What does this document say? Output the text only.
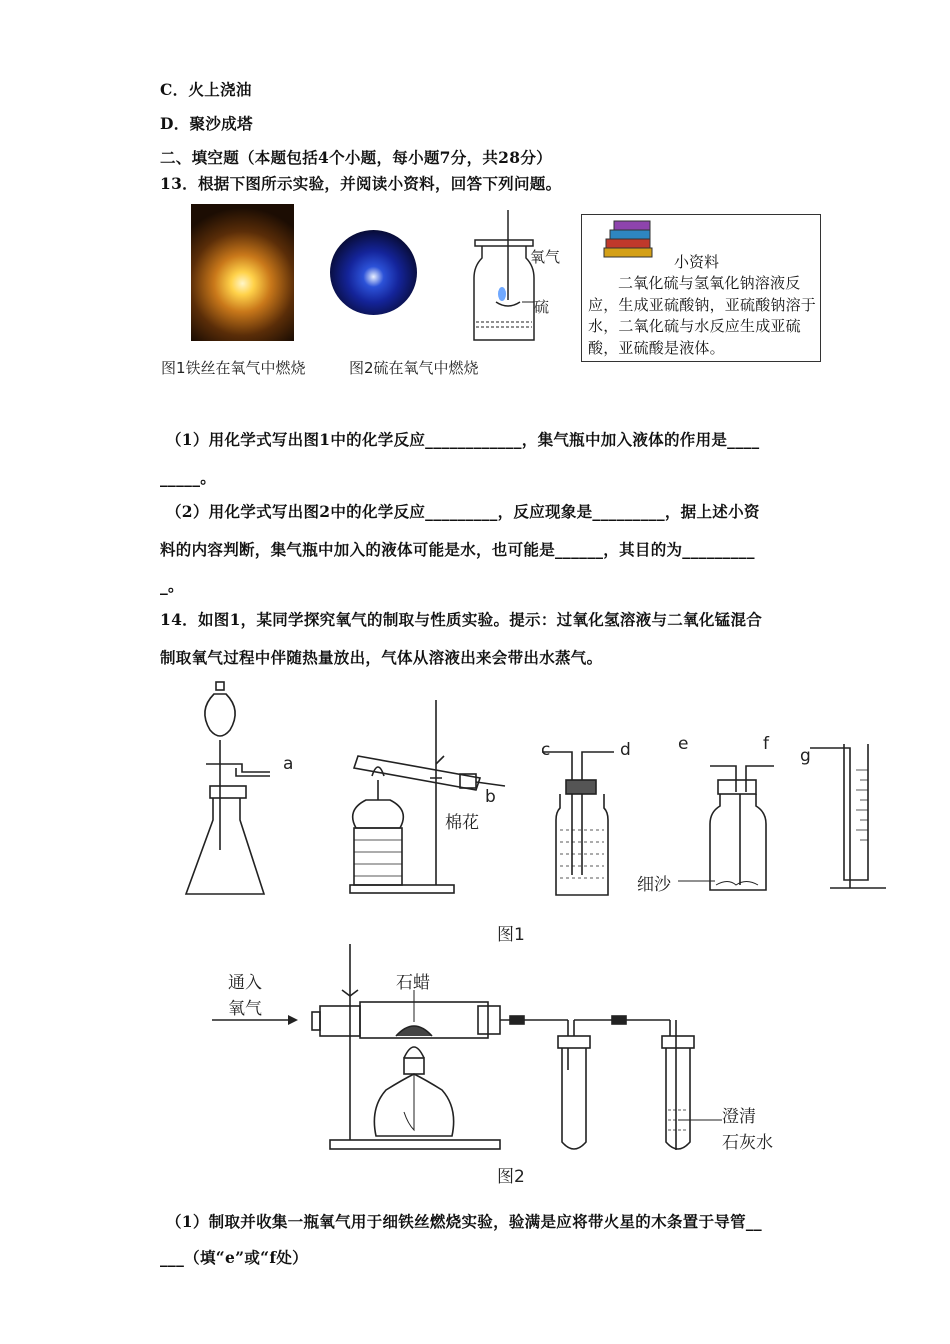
C．火上浇油
D．聚沙成塔
二、填空题（本题包括4个小题，每小题7分，共28分）
13．根据下图所示实验，并阅读小资料，回答下列问题。
氧气
硫
小资料
二氧化硫与氢氧化钠溶液反应，生成亚硫酸钠，亚硫酸钠溶于水，二氧化硫与水反应生成亚硫酸，亚硫酸是液体。
图1铁丝在氧气中燃烧	图2硫在氧气中燃烧
（1）用化学式写出图1中的化学反应____________，集气瓶中加入液体的作用是____
_____。
（2）用化学式写出图2中的化学反应_________，反应现象是_________，据上述小资
料的内容判断，集气瓶中加入的液体可能是水，也可能是______，其目的为_________
_。
14．如图1，某同学探究氧气的制取与性质实验。提示：过氧化氢溶液与二氧化锰混合
制取氧气过程中伴随热量放出，气体从溶液出来会带出水蒸气。
a
b
棉花
c	d	e	f
g
细沙
图1
通入
氧气
石蜡
澄清
石灰水
图2
（1）制取并收集一瓶氧气用于细铁丝燃烧实验，验满是应将带火星的木条置于导管__
___（填“e”或“f处）
